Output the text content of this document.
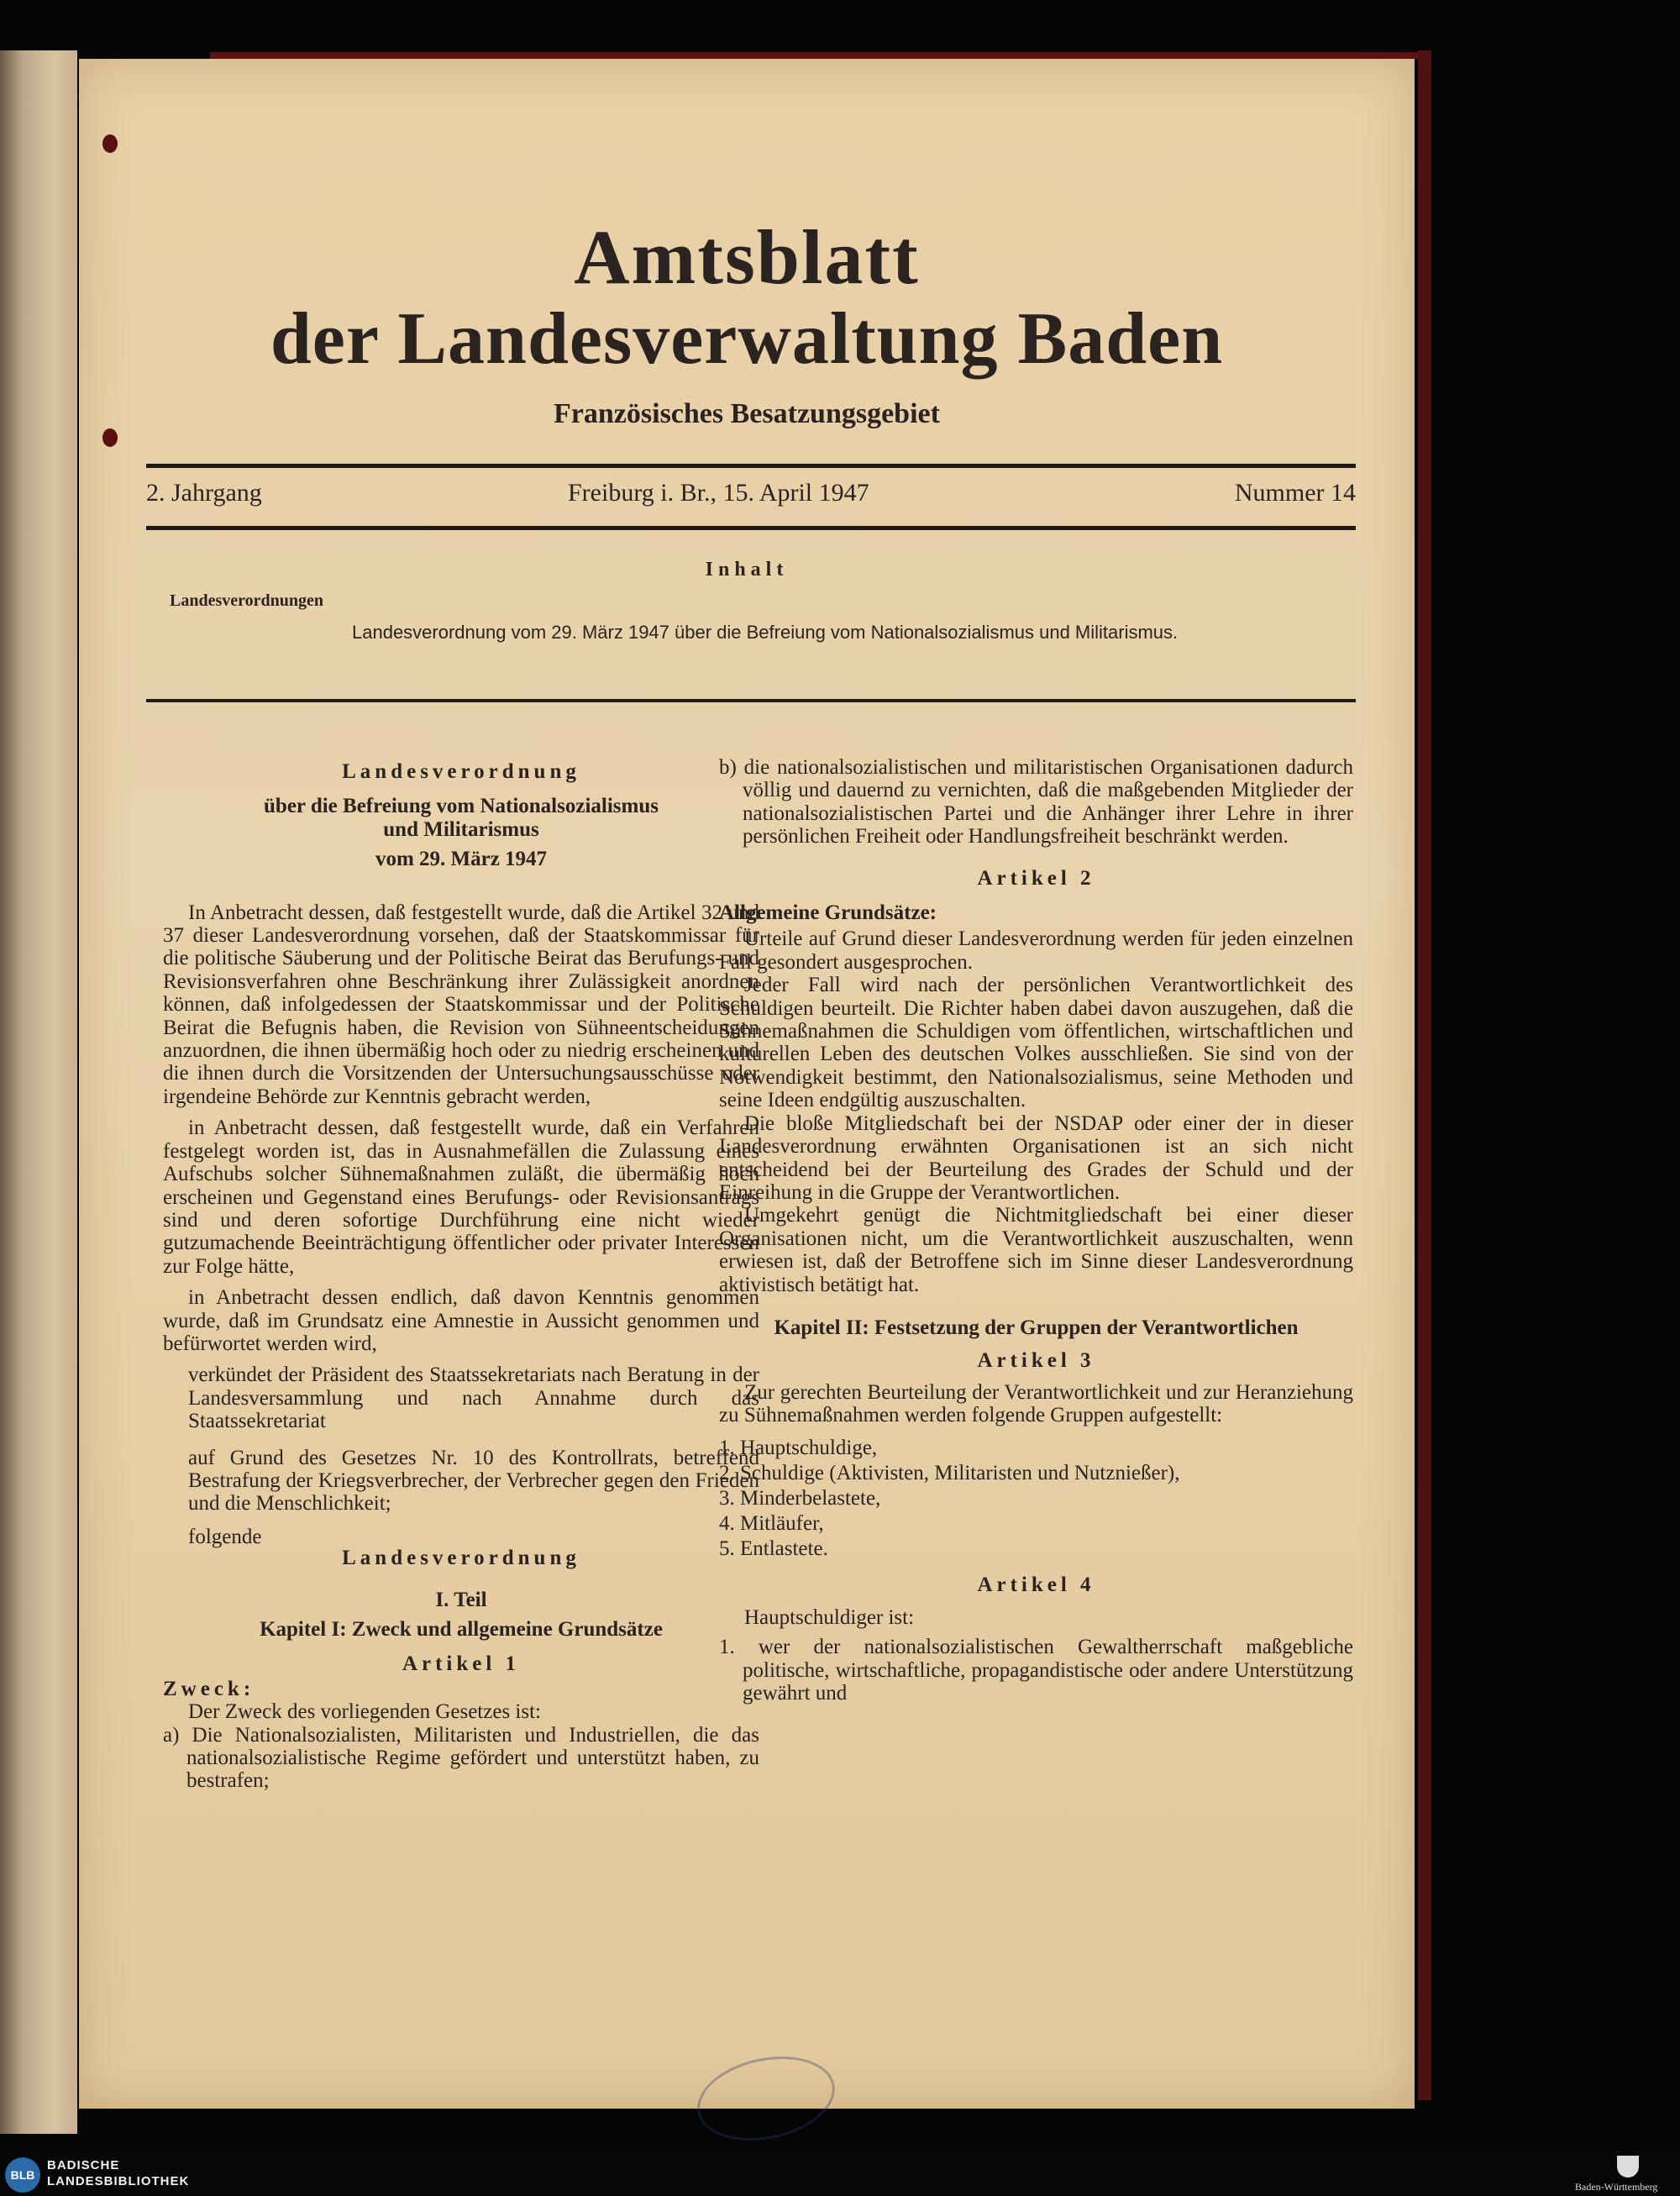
Amtsblatt
der Landesverwaltung Baden
Französisches Besatzungsgebiet
2. Jahrgang	Freiburg i. Br., 15. April 1947	Nummer 14
Inhalt
Landesverordnungen
Landesverordnung vom 29. März 1947 über die Befreiung vom Nationalsozialismus und Militarismus.

Landesverordnung

über die Befreiung vom Nationalsozialismus und Militarismus

vom 29. März 1947

In Anbetracht dessen, daß festgestellt wurde, daß die Artikel 32 und 37 dieser Landesverordnung vorsehen, daß der Staatskommissar für die politische Säuberung und der Politische Beirat das Berufungs- und Revisionsverfahren ohne Beschränkung ihrer Zulässigkeit anordnen können, daß infolgedessen der Staatskommissar und der Politische Beirat die Befugnis haben, die Revision von Sühneentscheidungen anzuordnen, die ihnen übermäßig hoch oder zu niedrig erscheinen und die ihnen durch die Vorsitzenden der Untersuchungsausschüsse oder irgendeine Behörde zur Kenntnis gebracht werden,

in Anbetracht dessen, daß festgestellt wurde, daß ein Verfahren festgelegt worden ist, das in Ausnahmefällen die Zulassung eines Aufschubs solcher Sühnemaßnahmen zuläßt, die übermäßig hoch erscheinen und Gegenstand eines Berufungs- oder Revisionsantrags sind und deren sofortige Durchführung eine nicht wieder gutzumachende Beeinträchtigung öffentlicher oder privater Interessen zur Folge hätte,

in Anbetracht dessen endlich, daß davon Kenntnis genommen wurde, daß im Grundsatz eine Amnestie in Aussicht genommen und befürwortet werden wird,

verkündet der Präsident des Staatssekretariats nach Beratung in der Landesversammlung und nach Annahme durch das Staatssekretariat

auf Grund des Gesetzes Nr. 10 des Kontrollrats, betreffend Bestrafung der Kriegsverbrecher, der Verbrecher gegen den Frieden und die Menschlichkeit;

folgende

Landesverordnung

I. Teil

Kapitel I: Zweck und allgemeine Grundsätze

Artikel 1

Zweck:

Der Zweck des vorliegenden Gesetzes ist:

a) Die Nationalsozialisten, Militaristen und Industriellen, die das nationalsozialistische Regime gefördert und unterstützt haben, zu bestrafen;

b) die nationalsozialistischen und militaristischen Organisationen dadurch völlig und dauernd zu vernichten, daß die maßgebenden Mitglieder der nationalsozialistischen Partei und die Anhänger ihrer Lehre in ihrer persönlichen Freiheit oder Handlungsfreiheit beschränkt werden.

Artikel 2

Allgemeine Grundsätze:

Urteile auf Grund dieser Landesverordnung werden für jeden einzelnen Fall gesondert ausgesprochen.

Jeder Fall wird nach der persönlichen Verantwortlichkeit des Schuldigen beurteilt. Die Richter haben dabei davon auszugehen, daß die Sühnemaßnahmen die Schuldigen vom öffentlichen, wirtschaftlichen und kulturellen Leben des deutschen Volkes ausschließen. Sie sind von der Notwendigkeit bestimmt, den Nationalsozialismus, seine Methoden und seine Ideen endgültig auszuschalten.

Die bloße Mitgliedschaft bei der NSDAP oder einer der in dieser Landesverordnung erwähnten Organisationen ist an sich nicht entscheidend bei der Beurteilung des Grades der Schuld und der Einreihung in die Gruppe der Verantwortlichen.

Umgekehrt genügt die Nichtmitgliedschaft bei einer dieser Organisationen nicht, um die Verantwortlichkeit auszuschalten, wenn erwiesen ist, daß der Betroffene sich im Sinne dieser Landesverordnung aktivistisch betätigt hat.

Kapitel II: Festsetzung der Gruppen der Verantwortlichen

Artikel 3

Zur gerechten Beurteilung der Verantwortlichkeit und zur Heranziehung zu Sühnemaßnahmen werden folgende Gruppen aufgestellt:

1. Hauptschuldige,

2. Schuldige (Aktivisten, Militaristen und Nutznießer),

3. Minderbelastete,

4. Mitläufer,

5. Entlastete.

Artikel 4

Hauptschuldiger ist:

1. wer der nationalsozialistischen Gewaltherrschaft maßgebliche politische, wirtschaftliche, propagandistische oder andere Unterstützung gewährt und

BLB
BADISCHE
LANDESBIBLIOTHEK	Baden-Württemberg
